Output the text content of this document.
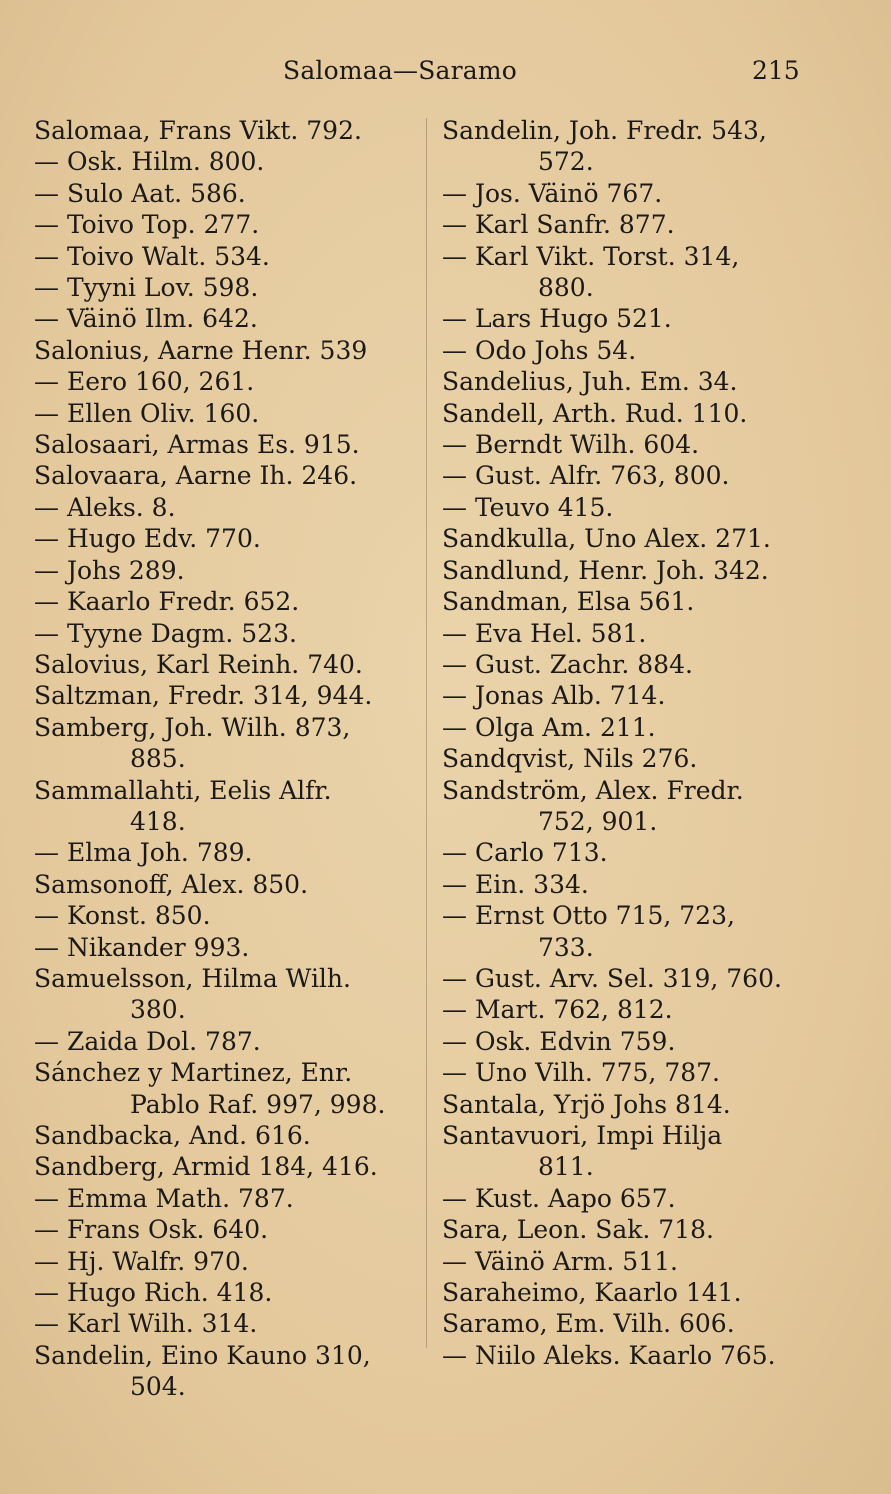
Salomaa—Saramo	215
Salomaa, Frans Vikt. 792.
— Osk. Hilm. 800.
— Sulo Aat. 586.
— Toivo Top. 277.
— Toivo Walt. 534.
— Tyyni Lov. 598.
— Väinö Ilm. 642.
Salonius, Aarne Henr. 539
— Eero 160, 261.
— Ellen Oliv. 160.
Salosaari, Armas Es. 915.
Salovaara, Aarne Ih. 246.
— Aleks. 8.
— Hugo Edv. 770.
— Johs 289.
— Kaarlo Fredr. 652.
— Tyyne Dagm. 523.
Salovius, Karl Reinh. 740.
Saltzman, Fredr. 314, 944.
Samberg, Joh. Wilh. 873,
885.
Sammallahti, Eelis Alfr.
418.
— Elma Joh. 789.
Samsonoff, Alex. 850.
— Konst. 850.
— Nikander 993.
Samuelsson, Hilma Wilh.
380.
— Zaida Dol. 787.
Sánchez y Martinez, Enr.
Pablo Raf. 997, 998.
Sandbacka, And. 616.
Sandberg, Armid 184, 416.
— Emma Math. 787.
— Frans Osk. 640.
— Hj. Walfr. 970.
— Hugo Rich. 418.
— Karl Wilh. 314.
Sandelin, Eino Kauno 310,
504.
Sandelin, Joh. Fredr. 543,
572.
— Jos. Väinö 767.
— Karl Sanfr. 877.
— Karl Vikt. Torst. 314,
880.
— Lars Hugo 521.
— Odo Johs 54.
Sandelius, Juh. Em. 34.
Sandell, Arth. Rud. 110.
— Berndt Wilh. 604.
— Gust. Alfr. 763, 800.
— Teuvo 415.
Sandkulla, Uno Alex. 271.
Sandlund, Henr. Joh. 342.
Sandman, Elsa 561.
— Eva Hel. 581.
— Gust. Zachr. 884.
— Jonas Alb. 714.
— Olga Am. 211.
Sandqvist, Nils 276.
Sandström, Alex. Fredr.
752, 901.
— Carlo 713.
— Ein. 334.
— Ernst Otto 715, 723,
733.
— Gust. Arv. Sel. 319, 760.
— Mart. 762, 812.
— Osk. Edvin 759.
— Uno Vilh. 775, 787.
Santala, Yrjö Johs 814.
Santavuori, Impi Hilja
811.
— Kust. Aapo 657.
Sara, Leon. Sak. 718.
— Väinö Arm. 511.
Saraheimo, Kaarlo 141.
Saramo, Em. Vilh. 606.
— Niilo Aleks. Kaarlo 765.
